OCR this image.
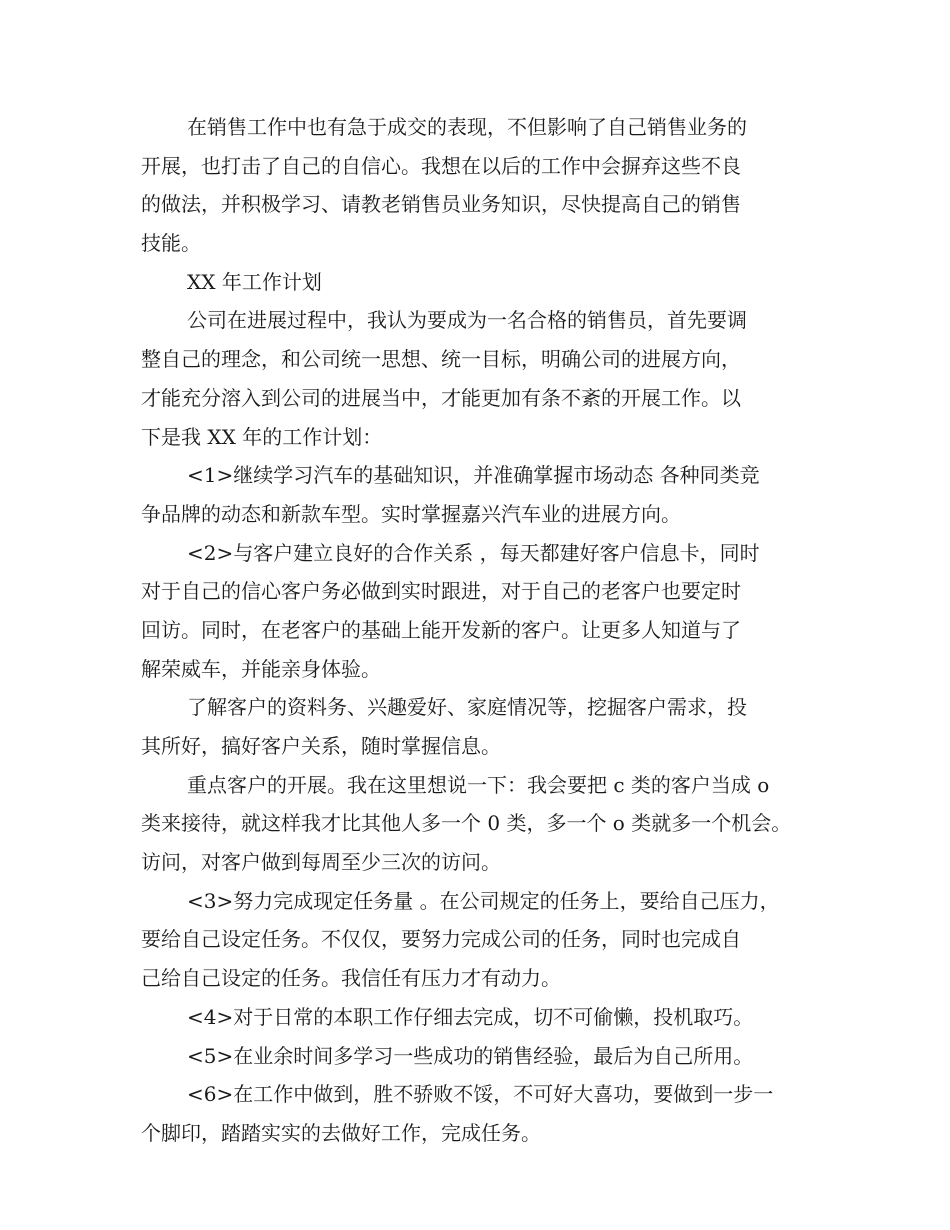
在销售工作中也有急于成交的表现，不但影响了自己销售业务的
开展，也打击了自己的自信心。我想在以后的工作中会摒弃这些不良
的做法，并积极学习、请教老销售员业务知识，尽快提高自己的销售
技能。
XX 年工作计划
公司在进展过程中，我认为要成为一名合格的销售员，首先要调
整自己的理念，和公司统一思想、统一目标，明确公司的进展方向，
才能充分溶入到公司的进展当中，才能更加有条不紊的开展工作。以
下是我 XX 年的工作计划：
<1>继续学习汽车的基础知识，并准确掌握市场动态 各种同类竞
争品牌的动态和新款车型。实时掌握嘉兴汽车业的进展方向。
<2>与客户建立良好的合作关系 ，每天都建好客户信息卡，同时
对于自己的信心客户务必做到实时跟进，对于自己的老客户也要定时
回访。同时，在老客户的基础上能开发新的客户。让更多人知道与了
解荣威车，并能亲身体验。
了解客户的资料务、兴趣爱好、家庭情况等，挖掘客户需求，投
其所好，搞好客户关系，随时掌握信息。
重点客户的开展。我在这里想说一下：我会要把 c 类的客户当成 o
类来接待，就这样我才比其他人多一个 0 类，多一个 o 类就多一个机会。
访问，对客户做到每周至少三次的访问。
<3>努力完成现定任务量 。在公司规定的任务上，要给自己压力，
要给自己设定任务。不仅仅，要努力完成公司的任务，同时也完成自
己给自己设定的任务。我信任有压力才有动力。
<4>对于日常的本职工作仔细去完成，切不可偷懒，投机取巧。
<5>在业余时间多学习一些成功的销售经验，最后为自己所用。
<6>在工作中做到，胜不骄败不馁，不可好大喜功，要做到一步一
个脚印，踏踏实实的去做好工作，完成任务。
